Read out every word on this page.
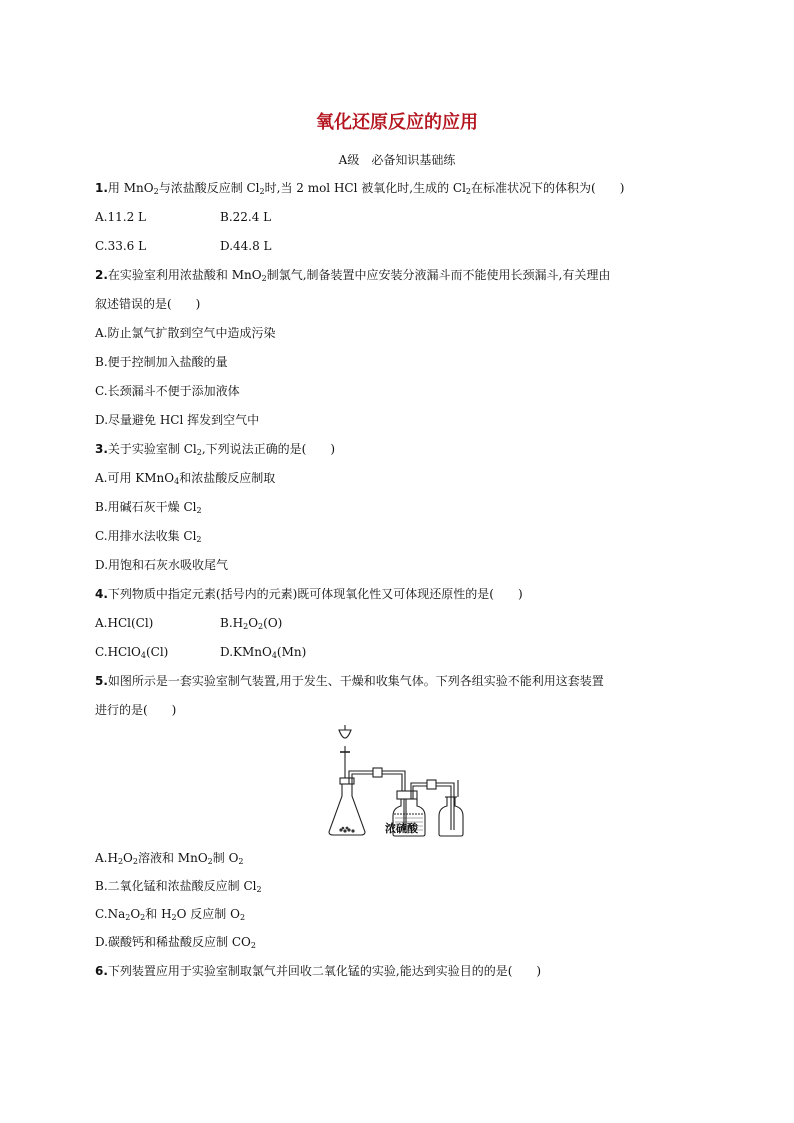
氧化还原反应的应用
A级　必备知识基础练
1.用 MnO$_2$与浓盐酸反应制 $Cl_2$时,当 2 mol HCl 被氧化时,生成的 $Cl_2$在标准状况下的体积为(　　)
A.11.2 L	B.22.4 L
C.33.6 L	D.44.8 L
2.在实验室利用浓盐酸和 MnO$_2$制氯气,制备装置中应安装分液漏斗而不能使用长颈漏斗,有关理由
叙述错误的是(　　)
A.防止氯气扩散到空气中造成污染
B.便于控制加入盐酸的量
C.长颈漏斗不便于添加液体
D.尽量避免 HCl 挥发到空气中
3.关于实验室制 $Cl_2$,下列说法正确的是(　　)
A.可用 KMnO$_4$和浓盐酸反应制取
B.用碱石灰干燥 $Cl_2$
C.用排水法收集 $Cl_2$
D.用饱和石灰水吸收尾气
4.下列物质中指定元素(括号内的元素)既可体现氧化性又可体现还原性的是(　　)
A.HCl(Cl)	$B.H_2O_2(O)$
C.HClO$_4$(Cl)	D.KMnO$_4$(Mn)
5.如图所示是一套实验室制气装置,用于发生、干燥和收集气体。下列各组实验不能利用这套装置
进行的是(　　)
浓硫酸
$A.H_2O_2$溶液和 MnO$_2$制 $O_2$
B.二氧化锰和浓盐酸反应制 $Cl_2$
$C.Na_2O_2$和 $H_2O$ 反应制 $O_2$
D.碳酸钙和稀盐酸反应制 $CO_2$
6.下列装置应用于实验室制取氯气并回收二氧化锰的实验,能达到实验目的的是(　　)
